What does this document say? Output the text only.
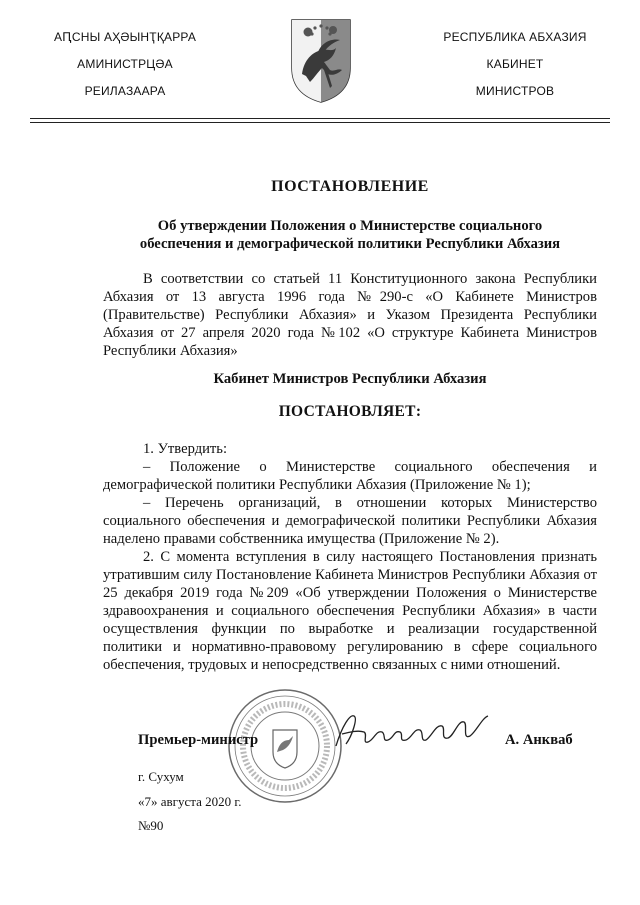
АԤСНЫ АҲӘЫНҬҚАРРА
АМИНИСТРЦӘА
РЕИЛАЗААРА
РЕСПУБЛИКА АБХАЗИЯ
КАБИНЕТ
МИНИСТРОВ
ПОСТАНОВЛЕНИЕ
Об утверждении Положения о Министерстве социального
обеспечения и демографической политики Республики Абхазия
В соответствии со статьей 11 Конституционного закона Республики Абхазия от 13 августа 1996 года №290-с «О Кабинете Министров (Правительстве) Республики Абхазия» и Указом Президента Республики Абхазия от 27 апреля 2020 года №102 «О структуре Кабинета Министров Республики Абхазия»
Кабинет Министров Республики Абхазия
ПОСТАНОВЛЯЕТ:

1. Утвердить:

– Положение о Министерстве социального обеспечения и демографической политики Республики Абхазия (Приложение № 1);

– Перечень организаций, в отношении которых Министерство социального обеспечения и демографической политики Республики Абхазия наделено правами собственника имущества (Приложение № 2).

2. С момента вступления в силу настоящего Постановления признать утратившим силу Постановление Кабинета Министров Республики Абхазия от 25 декабря 2019 года №209 «Об утверждении Положения о Министерстве здравоохранения и социального обеспечения Республики Абхазия» в части осуществления функции по выработке и реализации государственной политики и нормативно-правовому регулированию в сфере социального обеспечения, трудовых и непосредственно связанных с ними отношений.

Премьер-министр	А. Анкваб
г. Сухум
«7» августа 2020 г.
№90
